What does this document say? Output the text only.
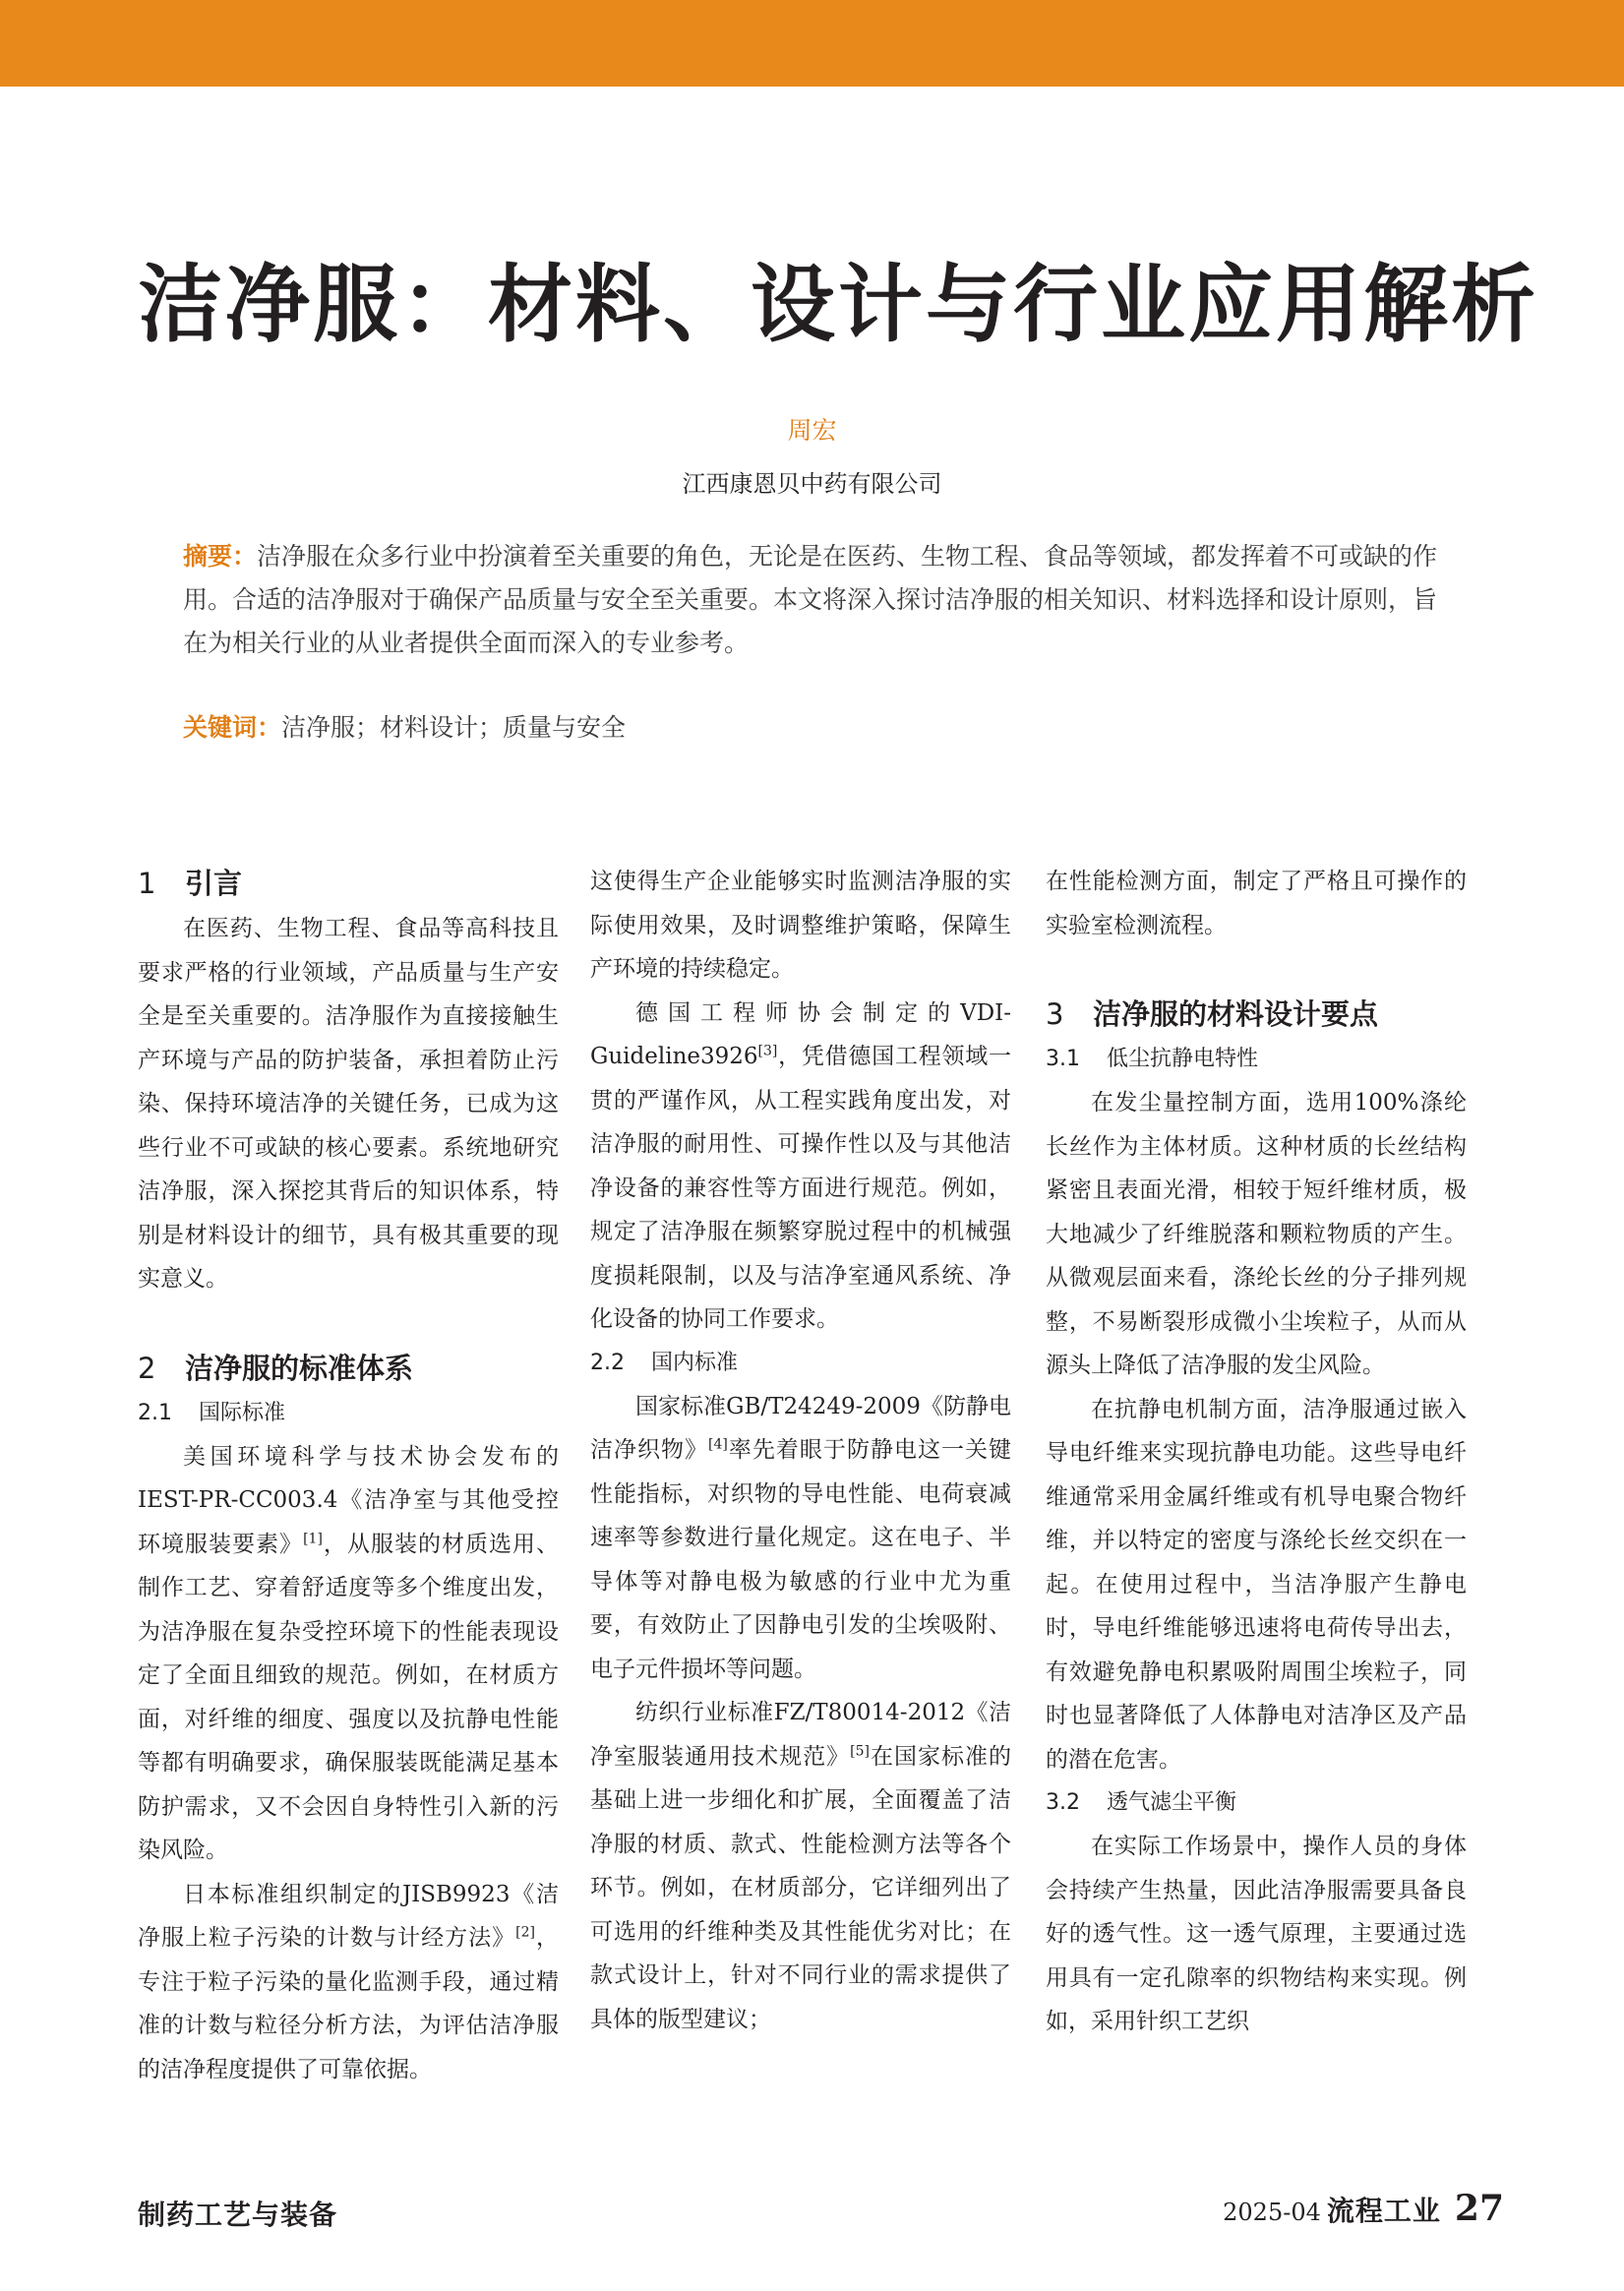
洁净服：材料、设计与行业应用解析
周宏
江西康恩贝中药有限公司
摘要：洁净服在众多行业中扮演着至关重要的角色，无论是在医药、生物工程、食品等领域，都发挥着不可或缺的作用。合适的洁净服对于确保产品质量与安全至关重要。本文将深入探讨洁净服的相关知识、材料选择和设计原则，旨在为相关行业的从业者提供全面而深入的专业参考。
关键词：洁净服；材料设计；质量与安全
1 引言

在医药、生物工程、食品等高科技且要求严格的行业领域，产品质量与生产安全是至关重要的。洁净服作为直接接触生产环境与产品的防护装备，承担着防止污染、保持环境洁净的关键任务，已成为这些行业不可或缺的核心要素。系统地研究洁净服，深入探挖其背后的知识体系，特别是材料设计的细节，具有极其重要的现实意义。

2 洁净服的标准体系
2.1 国际标准

美国环境科学与技术协会发布的IEST-PR-CC003.4《洁净室与其他受控环境服装要素》[1]，从服装的材质选用、制作工艺、穿着舒适度等多个维度出发，为洁净服在复杂受控环境下的性能表现设定了全面且细致的规范。例如，在材质方面，对纤维的细度、强度以及抗静电性能等都有明确要求，确保服装既能满足基本防护需求，又不会因自身特性引入新的污染风险。

日本标准组织制定的JISB9923《洁净服上粒子污染的计数与计经方法》[2]，专注于粒子污染的量化监测手段，通过精准的计数与粒径分析方法，为评估洁净服的洁净程度提供了可靠依据。

这使得生产企业能够实时监测洁净服的实际使用效果，及时调整维护策略，保障生产环境的持续稳定。

德国工程师协会制定的VDI-Guideline3926[3]，凭借德国工程领域一贯的严谨作风，从工程实践角度出发，对洁净服的耐用性、可操作性以及与其他洁净设备的兼容性等方面进行规范。例如，规定了洁净服在频繁穿脱过程中的机械强度损耗限制，以及与洁净室通风系统、净化设备的协同工作要求。

2.2 国内标准

国家标准GB/T24249-2009《防静电洁净织物》[4]率先着眼于防静电这一关键性能指标，对织物的导电性能、电荷衰减速率等参数进行量化规定。这在电子、半导体等对静电极为敏感的行业中尤为重要，有效防止了因静电引发的尘埃吸附、电子元件损坏等问题。

纺织行业标准FZ/T80014-2012《洁净室服装通用技术规范》[5]在国家标准的基础上进一步细化和扩展，全面覆盖了洁净服的材质、款式、性能检测方法等各个环节。例如，在材质部分，它详细列出了可选用的纤维种类及其性能优劣对比；在款式设计上，针对不同行业的需求提供了具体的版型建议；

在性能检测方面，制定了严格且可操作的实验室检测流程。

3 洁净服的材料设计要点
3.1 低尘抗静电特性

在发尘量控制方面，选用100%涤纶长丝作为主体材质。这种材质的长丝结构紧密且表面光滑，相较于短纤维材质，极大地减少了纤维脱落和颗粒物质的产生。从微观层面来看，涤纶长丝的分子排列规整，不易断裂形成微小尘埃粒子，从而从源头上降低了洁净服的发尘风险。

在抗静电机制方面，洁净服通过嵌入导电纤维来实现抗静电功能。这些导电纤维通常采用金属纤维或有机导电聚合物纤维，并以特定的密度与涤纶长丝交织在一起。在使用过程中，当洁净服产生静电时，导电纤维能够迅速将电荷传导出去，有效避免静电积累吸附周围尘埃粒子，同时也显著降低了人体静电对洁净区及产品的潜在危害。

3.2 透气滤尘平衡

在实际工作场景中，操作人员的身体会持续产生热量，因此洁净服需要具备良好的透气性。这一透气原理，主要通过选用具有一定孔隙率的织物结构来实现。例如，采用针织工艺织

制药工艺与装备	2025-04 流程工业 27
